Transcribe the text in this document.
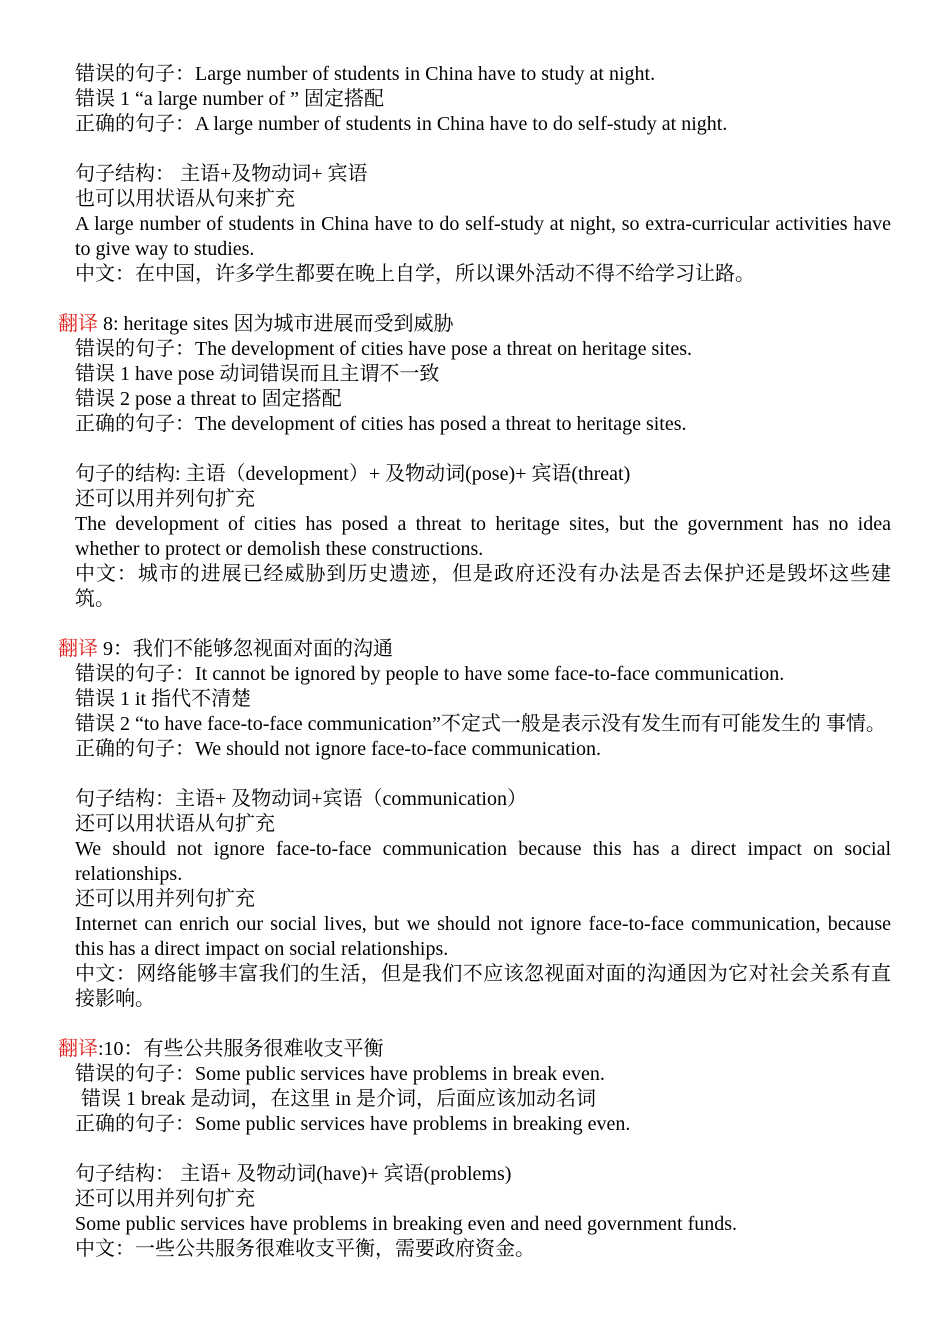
错误的句子：Large number of students in China have to study at night.
错误 1 “a large number of ” 固定搭配
正确的句子：A large number of students in China have to do self-study at night.
句子结构： 主语+及物动词+ 宾语
也可以用状语从句来扩充
A large number of students in China have to do self-study at night, so extra-curricular activities have to give way to studies.
中文：在中国，许多学生都要在晚上自学，所以课外活动不得不给学习让路。
翻译 8: heritage sites 因为城市进展而受到威胁
错误的句子：The development of cities have pose a threat on heritage sites.
错误 1 have pose 动词错误而且主谓不一致
错误 2 pose a threat to 固定搭配
正确的句子：The development of cities has posed a threat to heritage sites.
句子的结构: 主语（development）+ 及物动词(pose)+ 宾语(threat)
还可以用并列句扩充
The development of cities has posed a threat to heritage sites, but the government has no idea whether to protect or demolish these constructions.
中文：城市的进展已经威胁到历史遗迹，但是政府还没有办法是否去保护还是毁坏这些建筑。
翻译 9：我们不能够忽视面对面的沟通
错误的句子：It cannot be ignored by people to have some face-to-face communication.
错误 1 it 指代不清楚
错误 2 “to have face-to-face communication”不定式一般是表示没有发生而有可能发生的 事情。
正确的句子：We should not ignore face-to-face communication.
句子结构：主语+ 及物动词+宾语（communication）
还可以用状语从句扩充
We should not ignore face-to-face communication because this has a direct impact on social relationships.
还可以用并列句扩充
Internet can enrich our social lives, but we should not ignore face-to-face communication, because this has a direct impact on social relationships.
中文：网络能够丰富我们的生活，但是我们不应该忽视面对面的沟通因为它对社会关系有直接影响。
翻译:10：有些公共服务很难收支平衡
错误的句子：Some public services have problems in break even.
错误 1 break 是动词，在这里 in 是介词，后面应该加动名词
正确的句子：Some public services have problems in breaking even.
句子结构： 主语+ 及物动词(have)+ 宾语(problems)
还可以用并列句扩充
Some public services have problems in breaking even and need government funds.
中文：一些公共服务很难收支平衡，需要政府资金。
